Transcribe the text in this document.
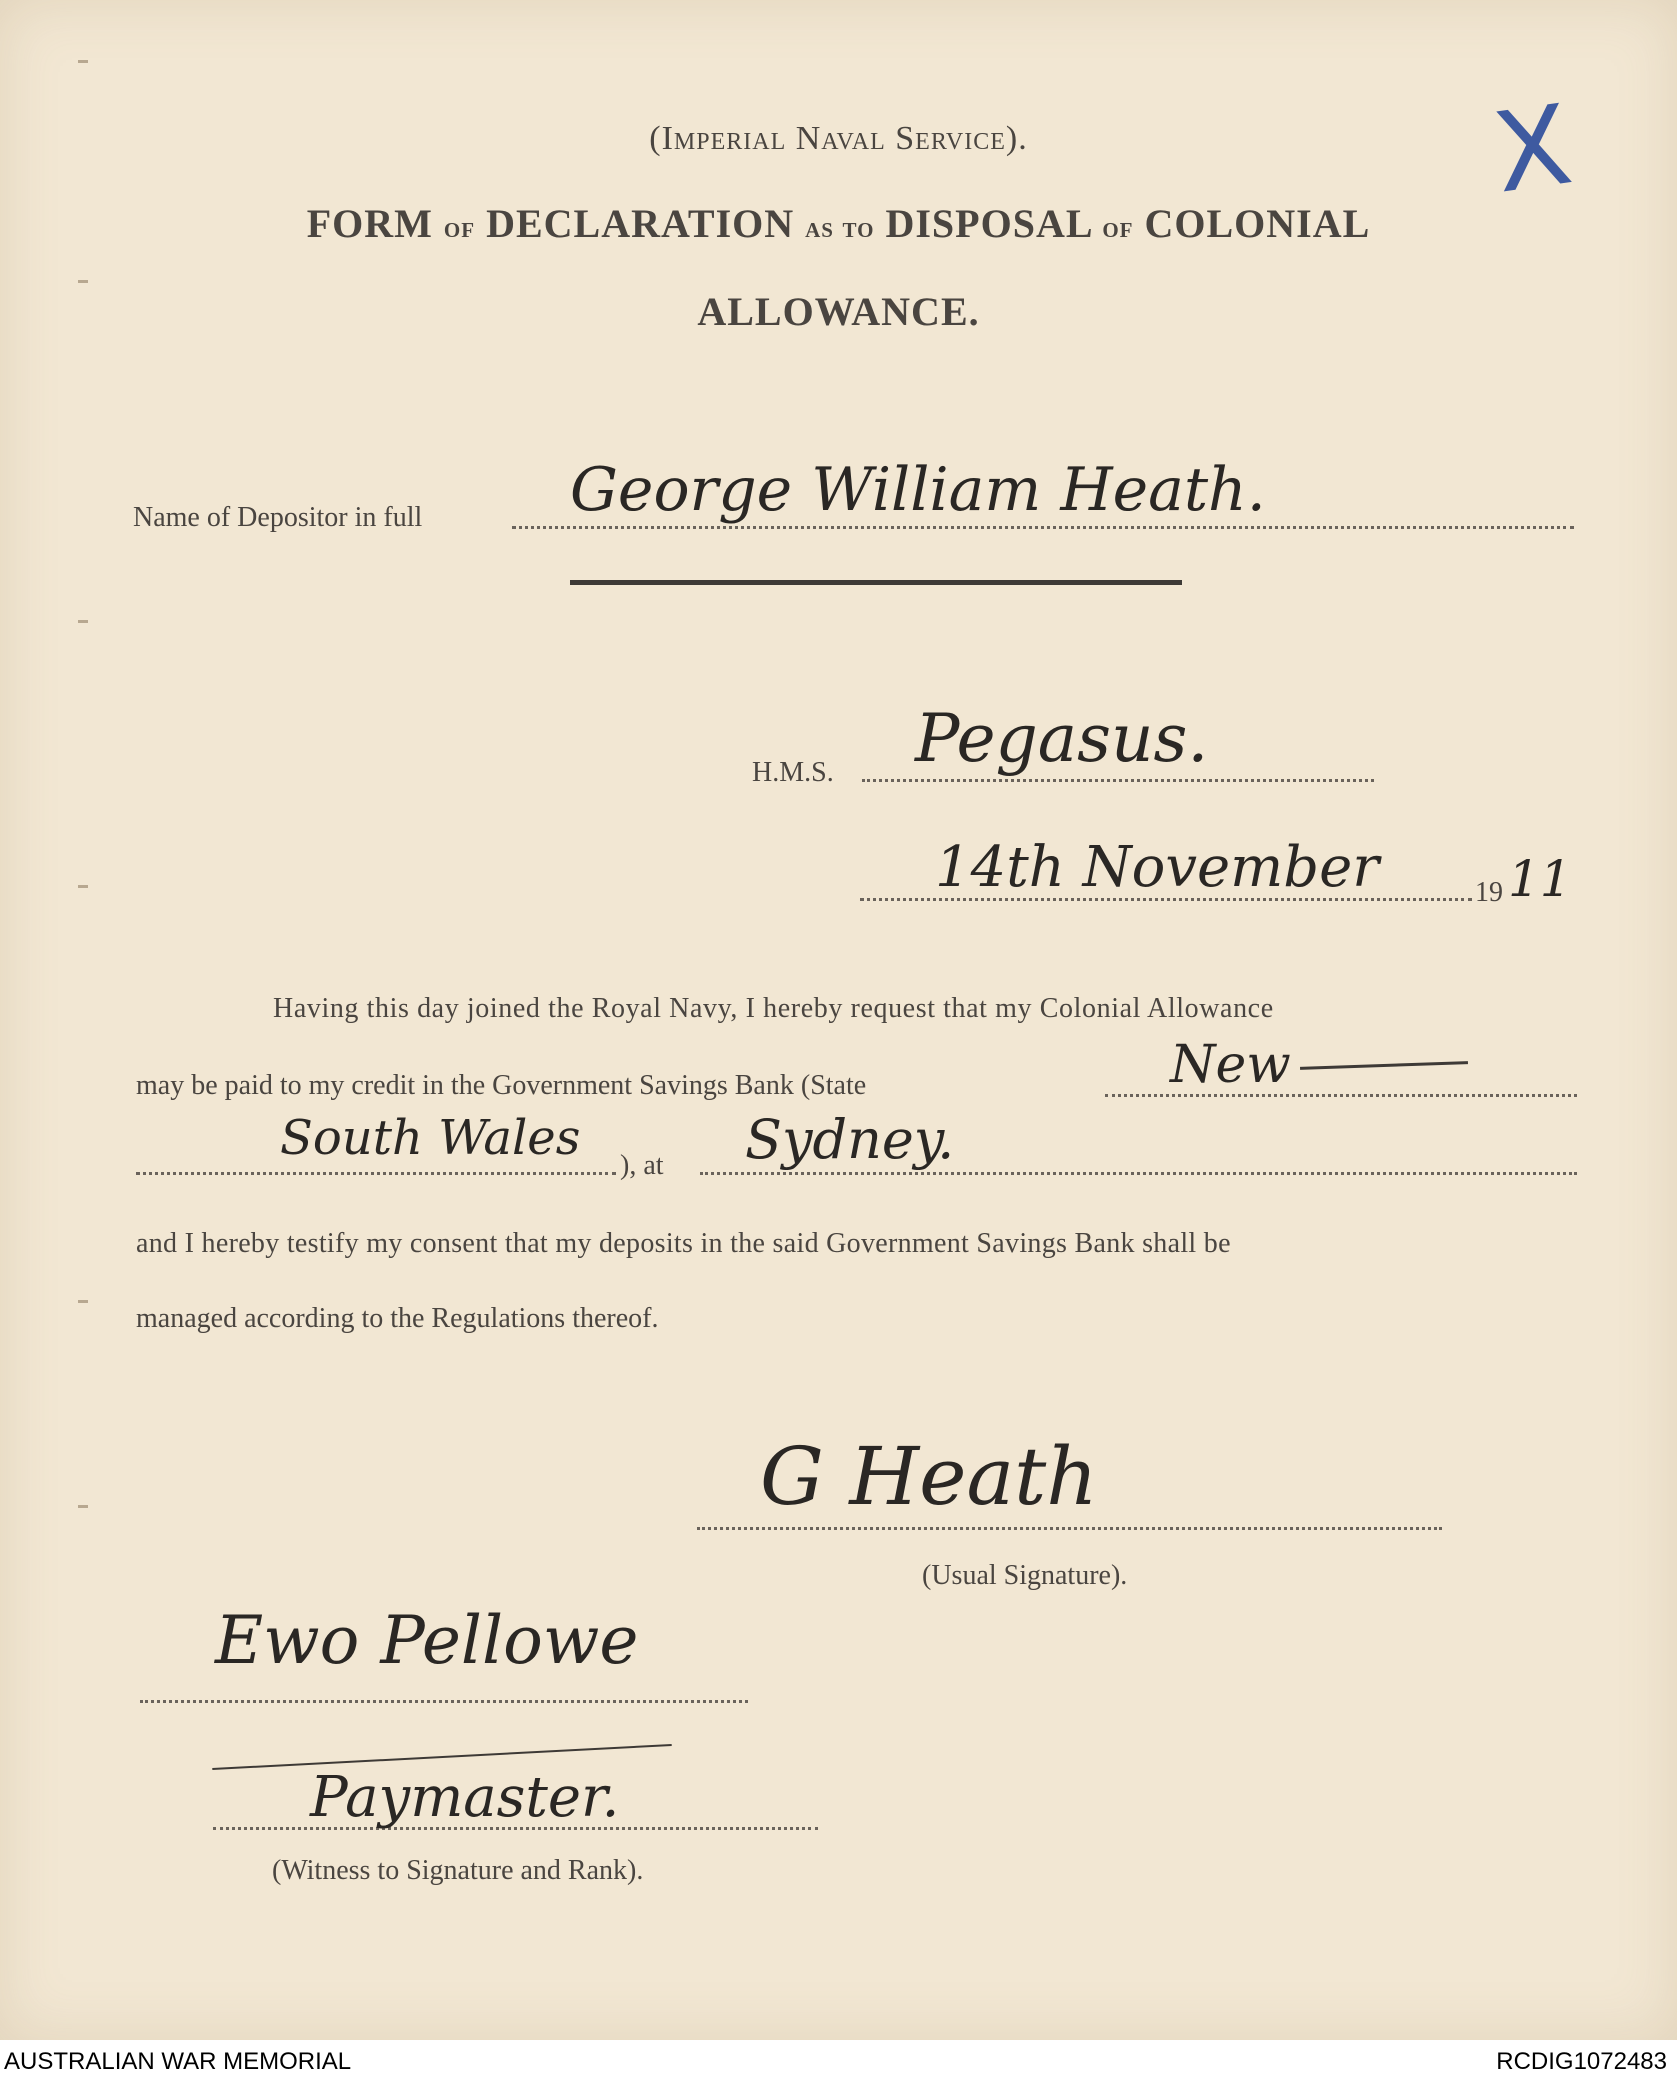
X
(Imperial Naval Service).
FORM of DECLARATION as to DISPOSAL of COLONIAL
ALLOWANCE.
Name of Depositor in full George William Heath.
H.M.S. Pegasus.
14th November	19 11
Having this day joined the Royal Navy, I hereby request that my Colonial Allowance
may be paid to my credit in the Government Savings Bank (State	New
South Wales ), at Sydney.
and I hereby testify my consent that my deposits in the said Government Savings Bank shall be
managed according to the Regulations thereof.
G Heath
(Usual Signature).
Ewo Pellowe
Paymaster.
(Witness to Signature and Rank).
AUSTRALIAN WAR MEMORIAL	RCDIG1072483
